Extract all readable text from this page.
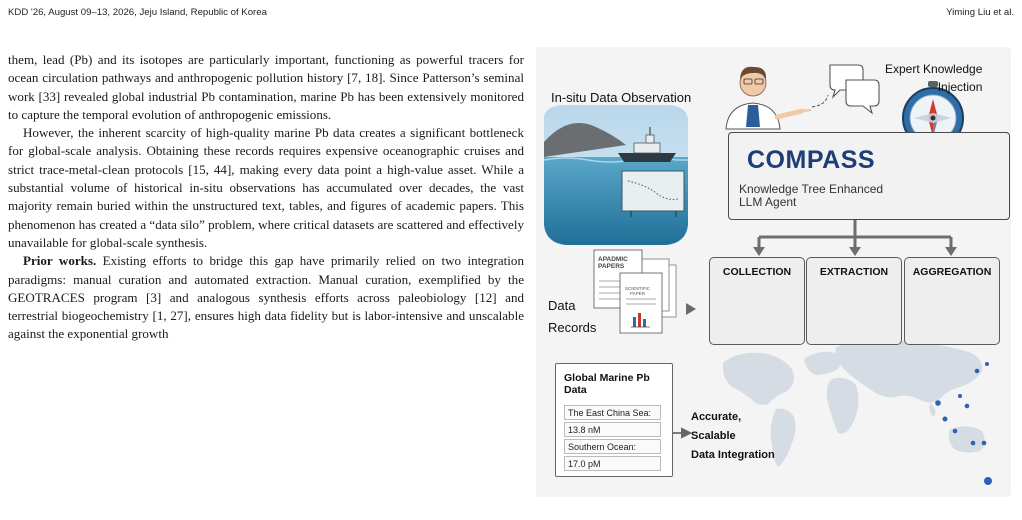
KDD '26, August 09–13, 2026, Jeju Island, Republic of Korea	Yiming Liu et al.

them, lead (Pb) and its isotopes are particularly important, functioning as powerful tracers for ocean circulation pathways and anthropogenic pollution history [7, 18]. Since Patterson’s seminal work [33] revealed global industrial Pb contamination, marine Pb has been extensively monitored to capture the temporal evolution of anthropogenic emissions.

However, the inherent scarcity of high-quality marine Pb data creates a significant bottleneck for global-scale analysis. Obtaining these records requires expensive oceanographic cruises and strict trace-metal-clean protocols [15, 44], making every data point a high-value asset. While a substantial volume of historical in-situ observations has accumulated over decades, the vast majority remain buried within the unstructured text, tables, and figures of academic papers. This phenomenon has created a “data silo” problem, where critical datasets are scattered and effectively unavailable for global-scale synthesis.

Prior works. Existing efforts to bridge this gap have primarily relied on two integration paradigms: manual curation and automated extraction. Manual curation, exemplified by the GEOTRACES program [3] and analogous synthesis efforts across paleobiology [12] and terrestrial biogeochemistry [1, 27], ensures high data fidelity but is labor-intensive and unscalable against the exponential growth

In-situ Data Observation
Expert Knowledge
Injection
COMPASS
Knowledge Tree Enhanced LLM Agent
APADMIC
PAPERS
SCIENTIFIC
PAPER
Data
Records
COLLECTION	EXTRACTION	AGGREGATION
Global Marine Pb Data
The East China Sea:
13.8 nM
Southern Ocean:
17.0 pM
Accurate,
Scalable
Data Integration
